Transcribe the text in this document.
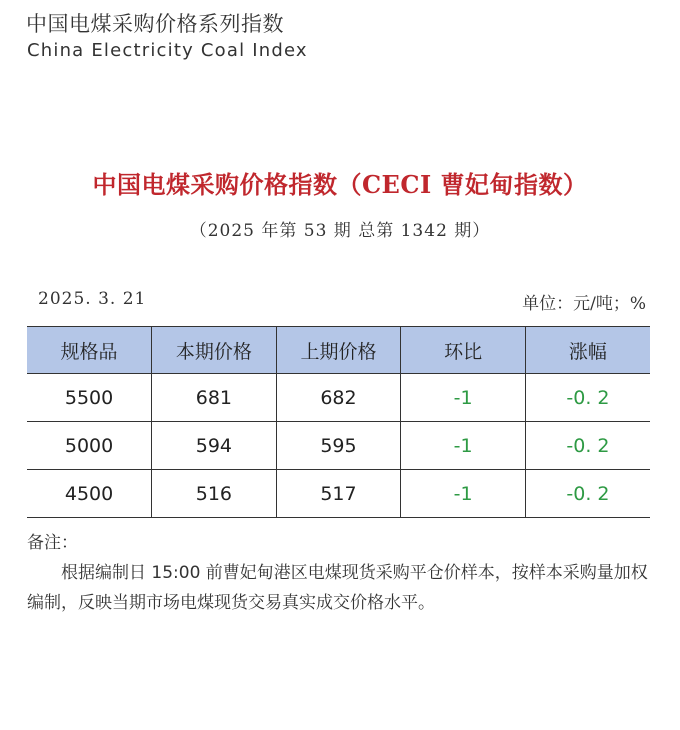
中国电煤采购价格系列指数
China Electricity Coal Index
中国电煤采购价格指数（CECI 曹妃甸指数）
（2025 年第 53 期 总第 1342 期）
2025. 3. 21	单位：元/吨；%
规格品	本期价格	上期价格	环比	涨幅
5500	681	682	-1	-0. 2
5000	594	595	-1	-0. 2
4500	516	517	-1	-0. 2
备注：
根据编制日 15:00 前曹妃甸港区电煤现货采购平仓价样本，按样本采购量加权编制，反映当期市场电煤现货交易真实成交价格水平。
